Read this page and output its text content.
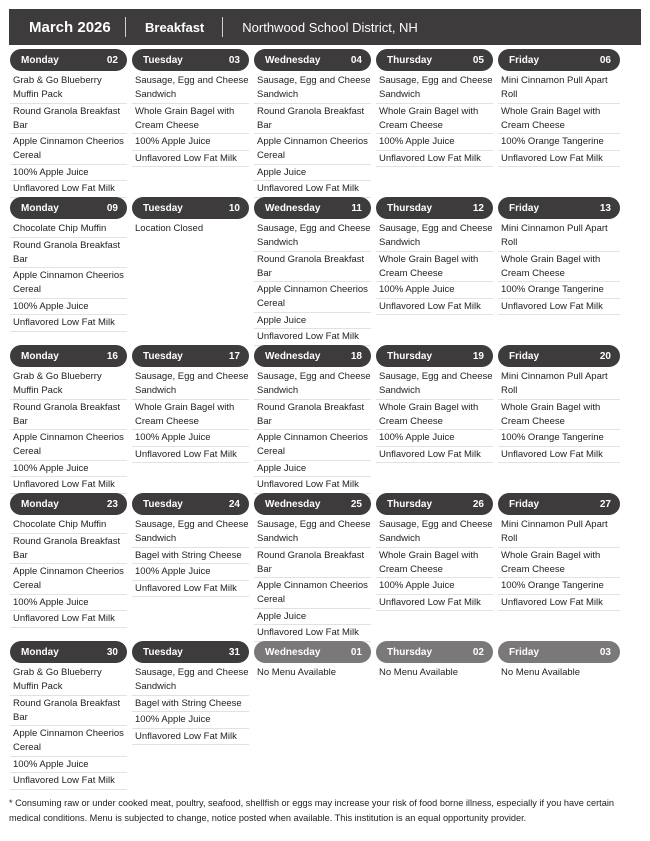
March 2026	Breakfast	Northwood School District, NH
Monday	02
Grab & Go Blueberry Muffin Pack
Round Granola Breakfast Bar
Apple Cinnamon Cheerios Cereal
100% Apple Juice
Unflavored Low Fat Milk
Tuesday	03
Sausage, Egg and Cheese Sandwich
Whole Grain Bagel with Cream Cheese
100% Apple Juice
Unflavored Low Fat Milk
Wednesday	04
Sausage, Egg and Cheese Sandwich
Round Granola Breakfast Bar
Apple Cinnamon Cheerios Cereal
Apple Juice
Unflavored Low Fat Milk
Thursday	05
Sausage, Egg and Cheese Sandwich
Whole Grain Bagel with Cream Cheese
100% Apple Juice
Unflavored Low Fat Milk
Friday	06
Mini Cinnamon Pull Apart Roll
Whole Grain Bagel with Cream Cheese
100% Orange Tangerine
Unflavored Low Fat Milk
Monday	09
Chocolate Chip Muffin
Round Granola Breakfast Bar
Apple Cinnamon Cheerios Cereal
100% Apple Juice
Unflavored Low Fat Milk
Tuesday	10
Location Closed
Wednesday	11
Sausage, Egg and Cheese Sandwich
Round Granola Breakfast Bar
Apple Cinnamon Cheerios Cereal
Apple Juice
Unflavored Low Fat Milk
Thursday	12
Sausage, Egg and Cheese Sandwich
Whole Grain Bagel with Cream Cheese
100% Apple Juice
Unflavored Low Fat Milk
Friday	13
Mini Cinnamon Pull Apart Roll
Whole Grain Bagel with Cream Cheese
100% Orange Tangerine
Unflavored Low Fat Milk
Monday	16
Grab & Go Blueberry Muffin Pack
Round Granola Breakfast Bar
Apple Cinnamon Cheerios Cereal
100% Apple Juice
Unflavored Low Fat Milk
Tuesday	17
Sausage, Egg and Cheese Sandwich
Whole Grain Bagel with Cream Cheese
100% Apple Juice
Unflavored Low Fat Milk
Wednesday	18
Sausage, Egg and Cheese Sandwich
Round Granola Breakfast Bar
Apple Cinnamon Cheerios Cereal
Apple Juice
Unflavored Low Fat Milk
Thursday	19
Sausage, Egg and Cheese Sandwich
Whole Grain Bagel with Cream Cheese
100% Apple Juice
Unflavored Low Fat Milk
Friday	20
Mini Cinnamon Pull Apart Roll
Whole Grain Bagel with Cream Cheese
100% Orange Tangerine
Unflavored Low Fat Milk
Monday	23
Chocolate Chip Muffin
Round Granola Breakfast Bar
Apple Cinnamon Cheerios Cereal
100% Apple Juice
Unflavored Low Fat Milk
Tuesday	24
Sausage, Egg and Cheese Sandwich
Bagel with String Cheese
100% Apple Juice
Unflavored Low Fat Milk
Wednesday	25
Sausage, Egg and Cheese Sandwich
Round Granola Breakfast Bar
Apple Cinnamon Cheerios Cereal
Apple Juice
Unflavored Low Fat Milk
Thursday	26
Sausage, Egg and Cheese Sandwich
Whole Grain Bagel with Cream Cheese
100% Apple Juice
Unflavored Low Fat Milk
Friday	27
Mini Cinnamon Pull Apart Roll
Whole Grain Bagel with Cream Cheese
100% Orange Tangerine
Unflavored Low Fat Milk
Monday	30
Grab & Go Blueberry Muffin Pack
Round Granola Breakfast Bar
Apple Cinnamon Cheerios Cereal
100% Apple Juice
Unflavored Low Fat Milk
Tuesday	31
Sausage, Egg and Cheese Sandwich
Bagel with String Cheese
100% Apple Juice
Unflavored Low Fat Milk
Wednesday	01
No Menu Available
Thursday	02
No Menu Available
Friday	03
No Menu Available
* Consuming raw or under cooked meat, poultry, seafood, shellfish or eggs may increase your risk of food borne illness, especially if you have certain medical conditions. Menu is subjected to change, notice posted when available. This institution is an equal opportunity provider.
